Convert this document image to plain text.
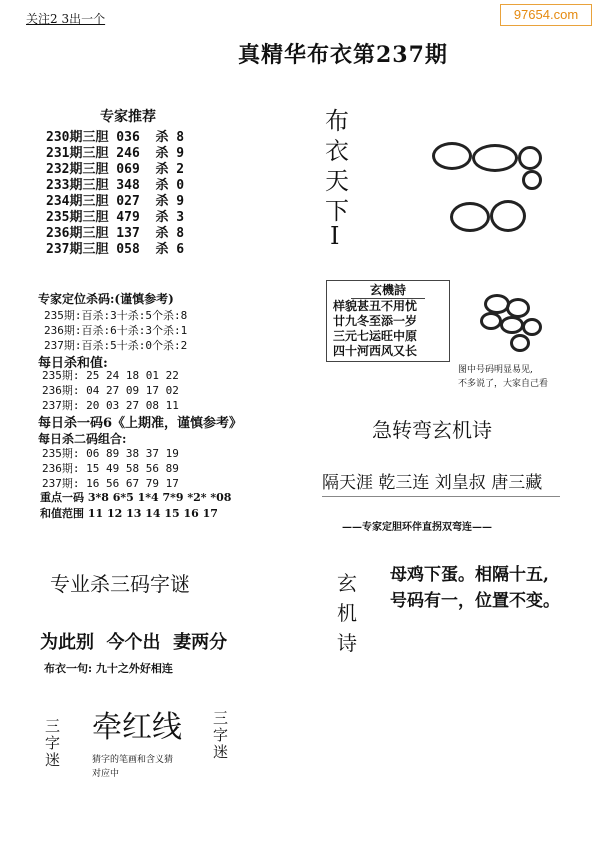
97654.com
关注2 3出一个
真精华布衣第237期
专家推荐
230期三胆 036  杀 8
231期三胆 246  杀 9
232期三胆 069  杀 2
233期三胆 348  杀 0
234期三胆 027  杀 9
235期三胆 479  杀 3
236期三胆 137  杀 8
237期三胆 058  杀 6
专家定位杀码:(谨慎参考)
235期:百杀:3十杀:5个杀:8
236期:百杀:6十杀:3个杀:1
237期:百杀:5十杀:0个杀:2
每日杀和值:
235期: 25 24 18 01 22
236期: 04 27 09 17 02
237期: 20 03 27 08 11
每日杀一码6《上期准，谨慎参考》
每日杀二码组合:
235期: 06 89 38 37 19
236期: 15 49 58 56 89
237期: 16 56 67 79 17
重点一码 3*8 6*5 1*4 7*9 *2* *08
和值范围 11 12 13 14 15 16 17
专业杀三码字谜
为此别  今个出  妻两分
布衣一句: 九十之外好相连
三字迷 牵红线 三字迷
猜字的笔画和含义猜
对应中
布衣天下
I
玄機詩
样貌甚丑不用忧
廿九冬至添一岁
三元七运旺中原
四十河西风又长
图中号码明显易见,
不多说了，大家自己看
急转弯玄机诗
隔天涯 乾三连 刘皇叔 唐三藏
——专家定胆环伴直拐双弯连——
玄机诗
母鸡下蛋。相隔十五,
号码有一，位置不变。
